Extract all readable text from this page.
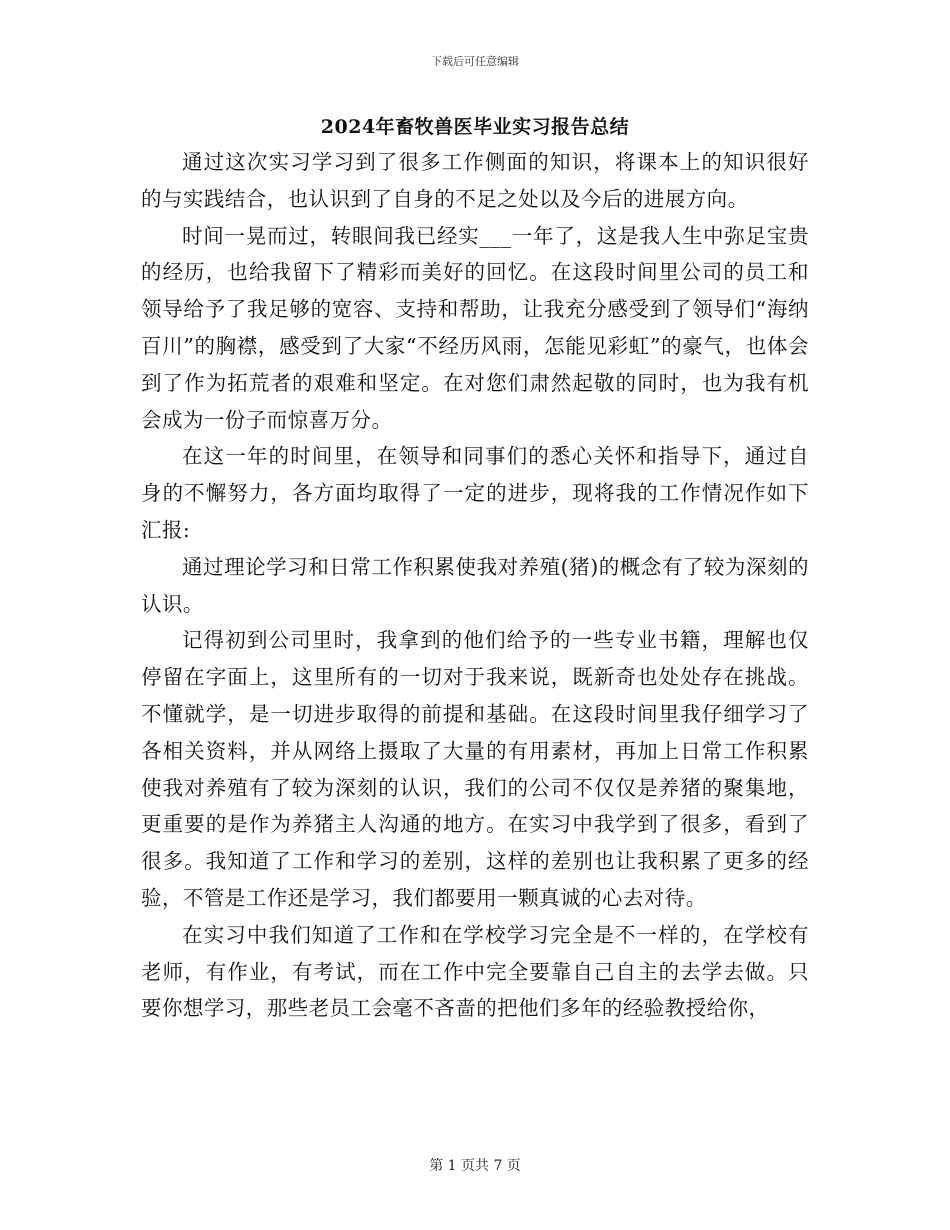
下载后可任意编辑
2024年畜牧兽医毕业实习报告总结

通过这次实习学习到了很多工作侧面的知识，将课本上的知识很好的与实践结合，也认识到了自身的不足之处以及今后的进展方向。

时间一晃而过，转眼间我已经实___一年了，这是我人生中弥足宝贵的经历，也给我留下了精彩而美好的回忆。在这段时间里公司的员工和领导给予了我足够的宽容、支持和帮助，让我充分感受到了领导们“海纳百川”的胸襟，感受到了大家“不经历风雨，怎能见彩虹”的豪气，也体会到了作为拓荒者的艰难和坚定。在对您们肃然起敬的同时，也为我有机会成为一份子而惊喜万分。

在这一年的时间里，在领导和同事们的悉心关怀和指导下，通过自身的不懈努力，各方面均取得了一定的进步，现将我的工作情况作如下汇报:

通过理论学习和日常工作积累使我对养殖(猪)的概念有了较为深刻的认识。

记得初到公司里时，我拿到的他们给予的一些专业书籍，理解也仅停留在字面上，这里所有的一切对于我来说，既新奇也处处存在挑战。不懂就学，是一切进步取得的前提和基础。在这段时间里我仔细学习了各相关资料，并从网络上摄取了大量的有用素材，再加上日常工作积累使我对养殖有了较为深刻的认识，我们的公司不仅仅是养猪的聚集地，更重要的是作为养猪主人沟通的地方。在实习中我学到了很多，看到了很多。我知道了工作和学习的差别，这样的差别也让我积累了更多的经验，不管是工作还是学习，我们都要用一颗真诚的心去对待。

在实习中我们知道了工作和在学校学习完全是不一样的，在学校有老师，有作业，有考试，而在工作中完全要靠自己自主的去学去做。只要你想学习，那些老员工会毫不吝啬的把他们多年的经验教授给你，

第 1 页共 7 页
